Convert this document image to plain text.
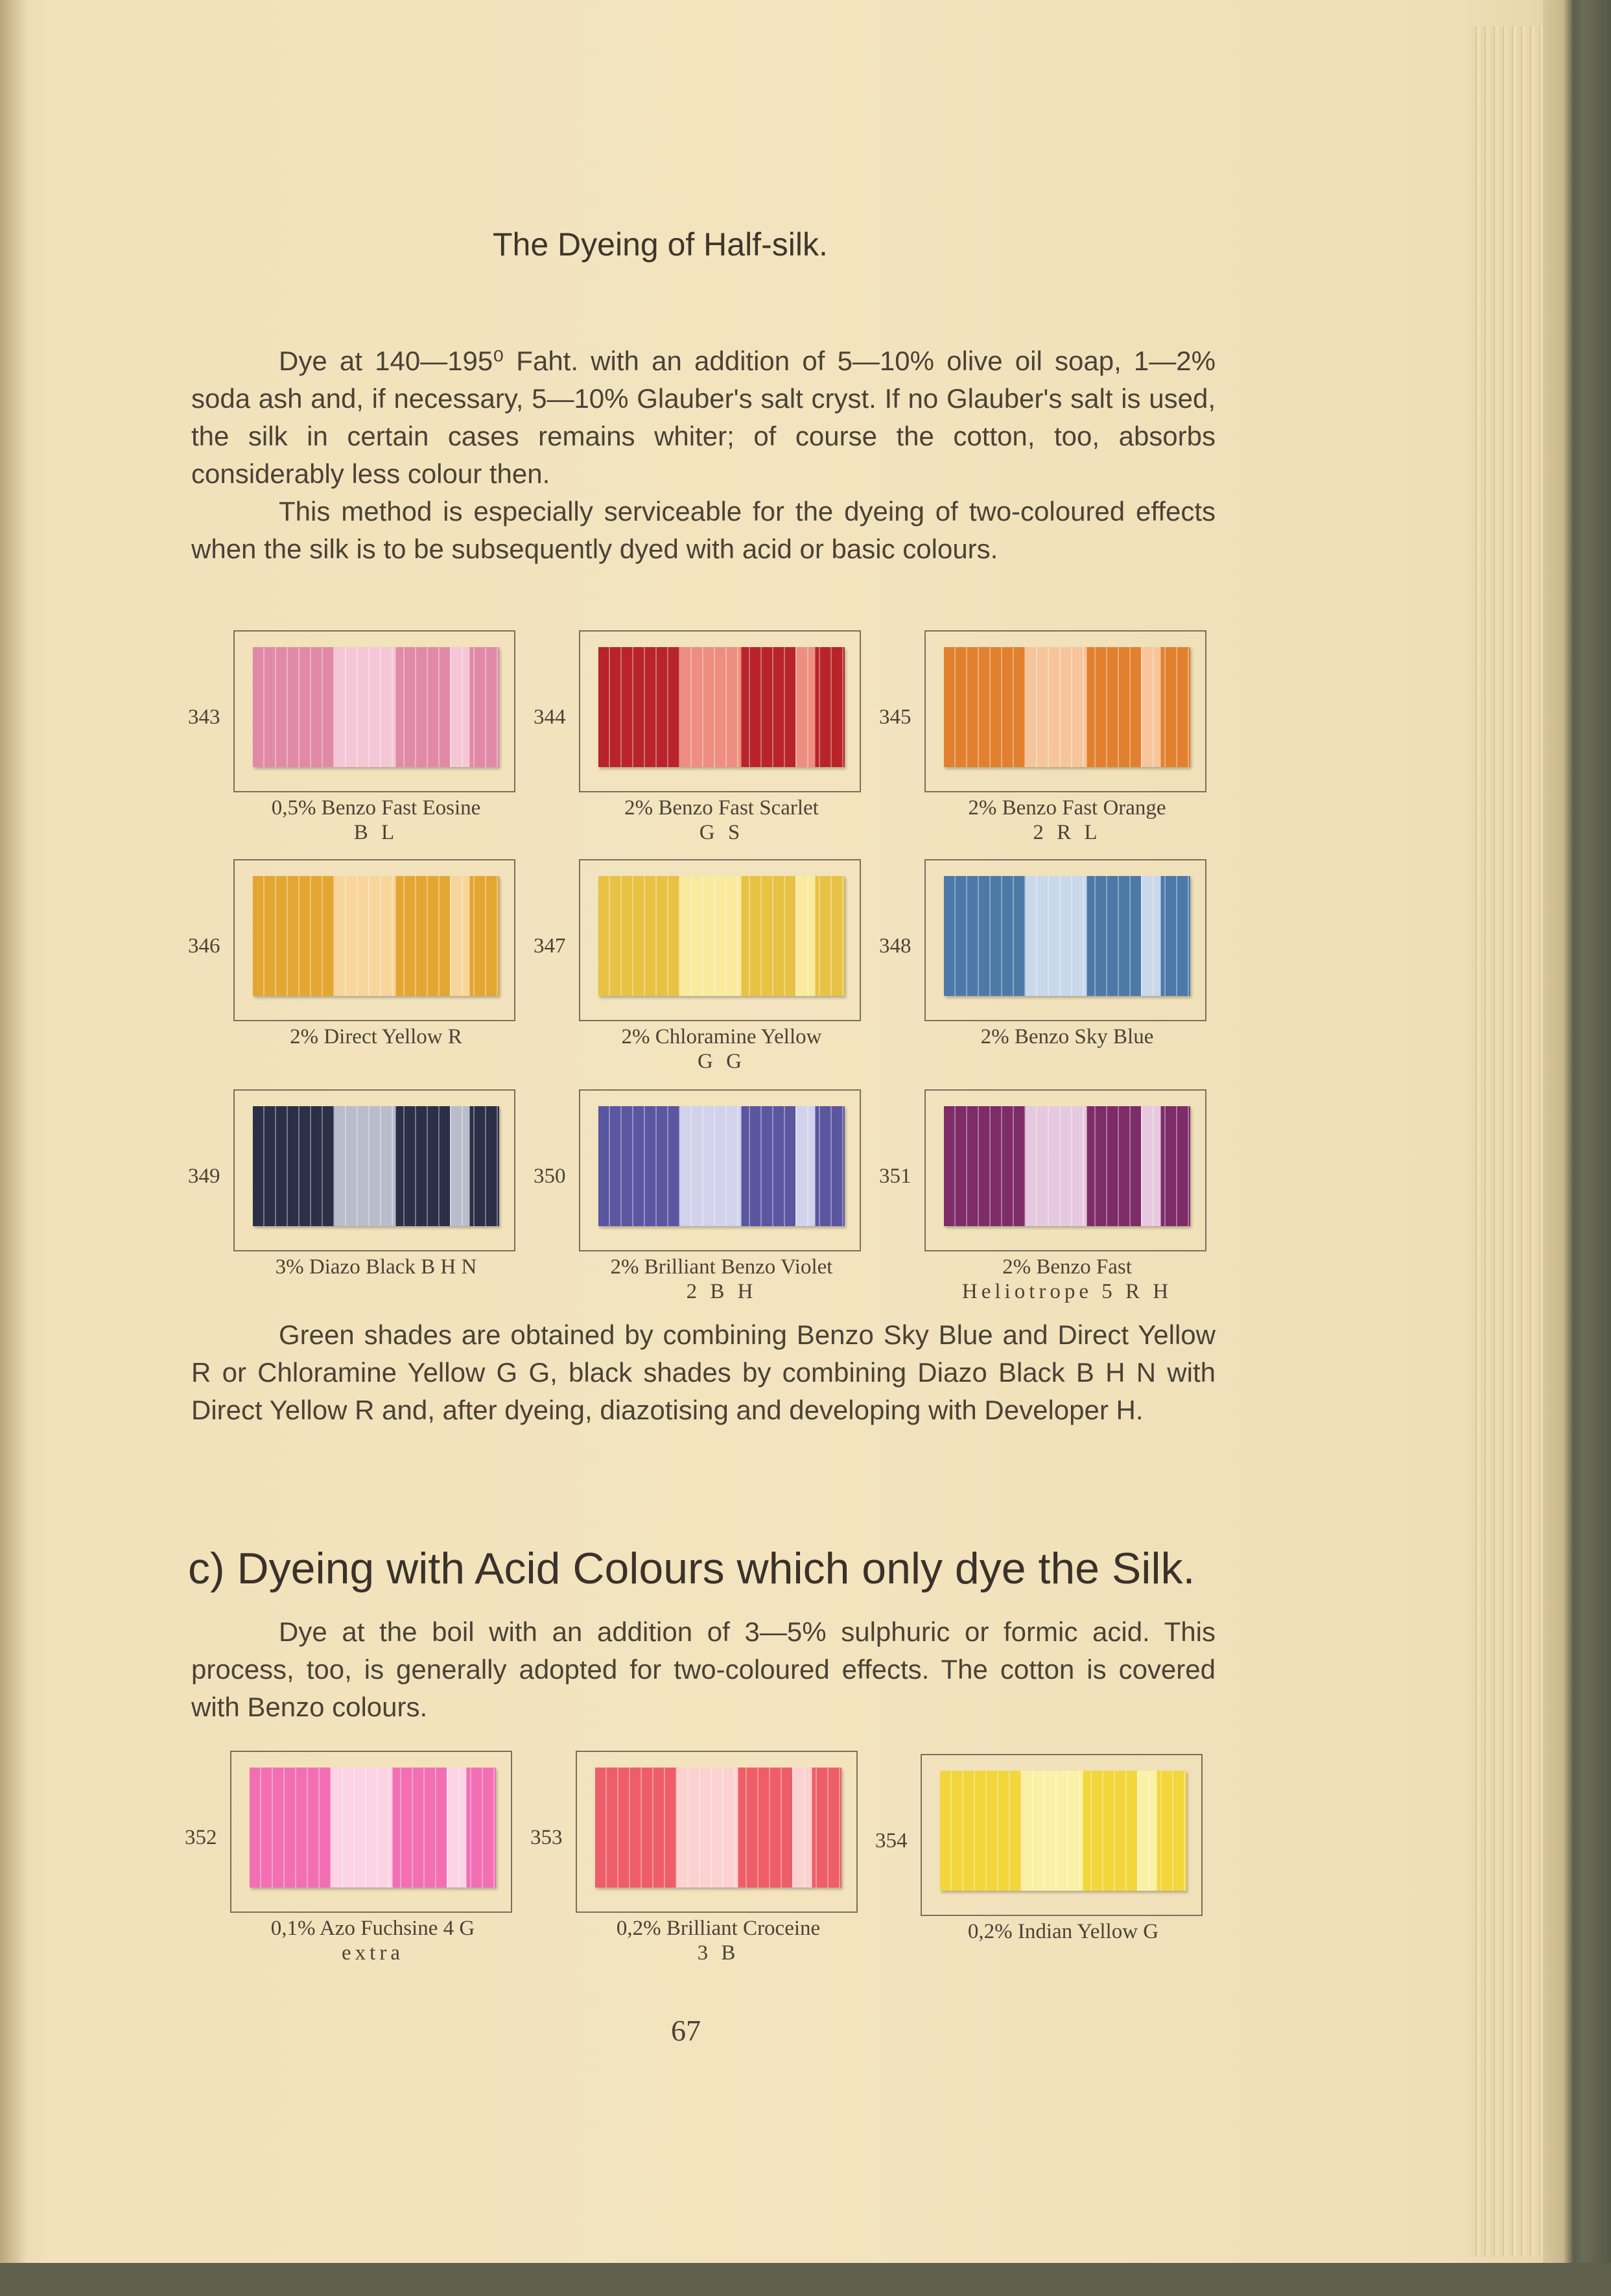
The Dyeing of Half-silk.

Dye at 140—195⁰ Faht. with an addition of 5—10% olive oil soap, 1—2% soda ash and, if necessary, 5—10% Glauber's salt cryst. If no Glauber's salt is used, the silk in certain cases remains whiter; of course the cotton, too, absorbs considerably less colour then.

This method is especially serviceable for the dyeing of two-coloured effects when the silk is to be subsequently dyed with acid or basic colours.

343
0,5% Benzo Fast Eosine
B L
344
2% Benzo Fast Scarlet
G S
345
2% Benzo Fast Orange
2 R L
346
2% Direct Yellow R
347
2% Chloramine Yellow
G G
348
2% Benzo Sky Blue
349
3% Diazo Black B H N
350
2% Brilliant Benzo Violet
2 B H
351
2% Benzo Fast
Heliotrope 5 R H

Green shades are obtained by combining Benzo Sky Blue and Direct Yellow R or Chloramine Yellow G G, black shades by combining Diazo Black B H N with Direct Yellow R and, after dyeing, diazotising and developing with Developer H.

c) Dyeing with Acid Colours which only dye the Silk.

Dye at the boil with an addition of 3—5% sulphuric or formic acid. This process, too, is generally adopted for two-coloured effects. The cotton is covered with Benzo colours.

352
0,1% Azo Fuchsine 4 G
extra
353
0,2% Brilliant Croceine
3 B
354
0,2% Indian Yellow G
67
